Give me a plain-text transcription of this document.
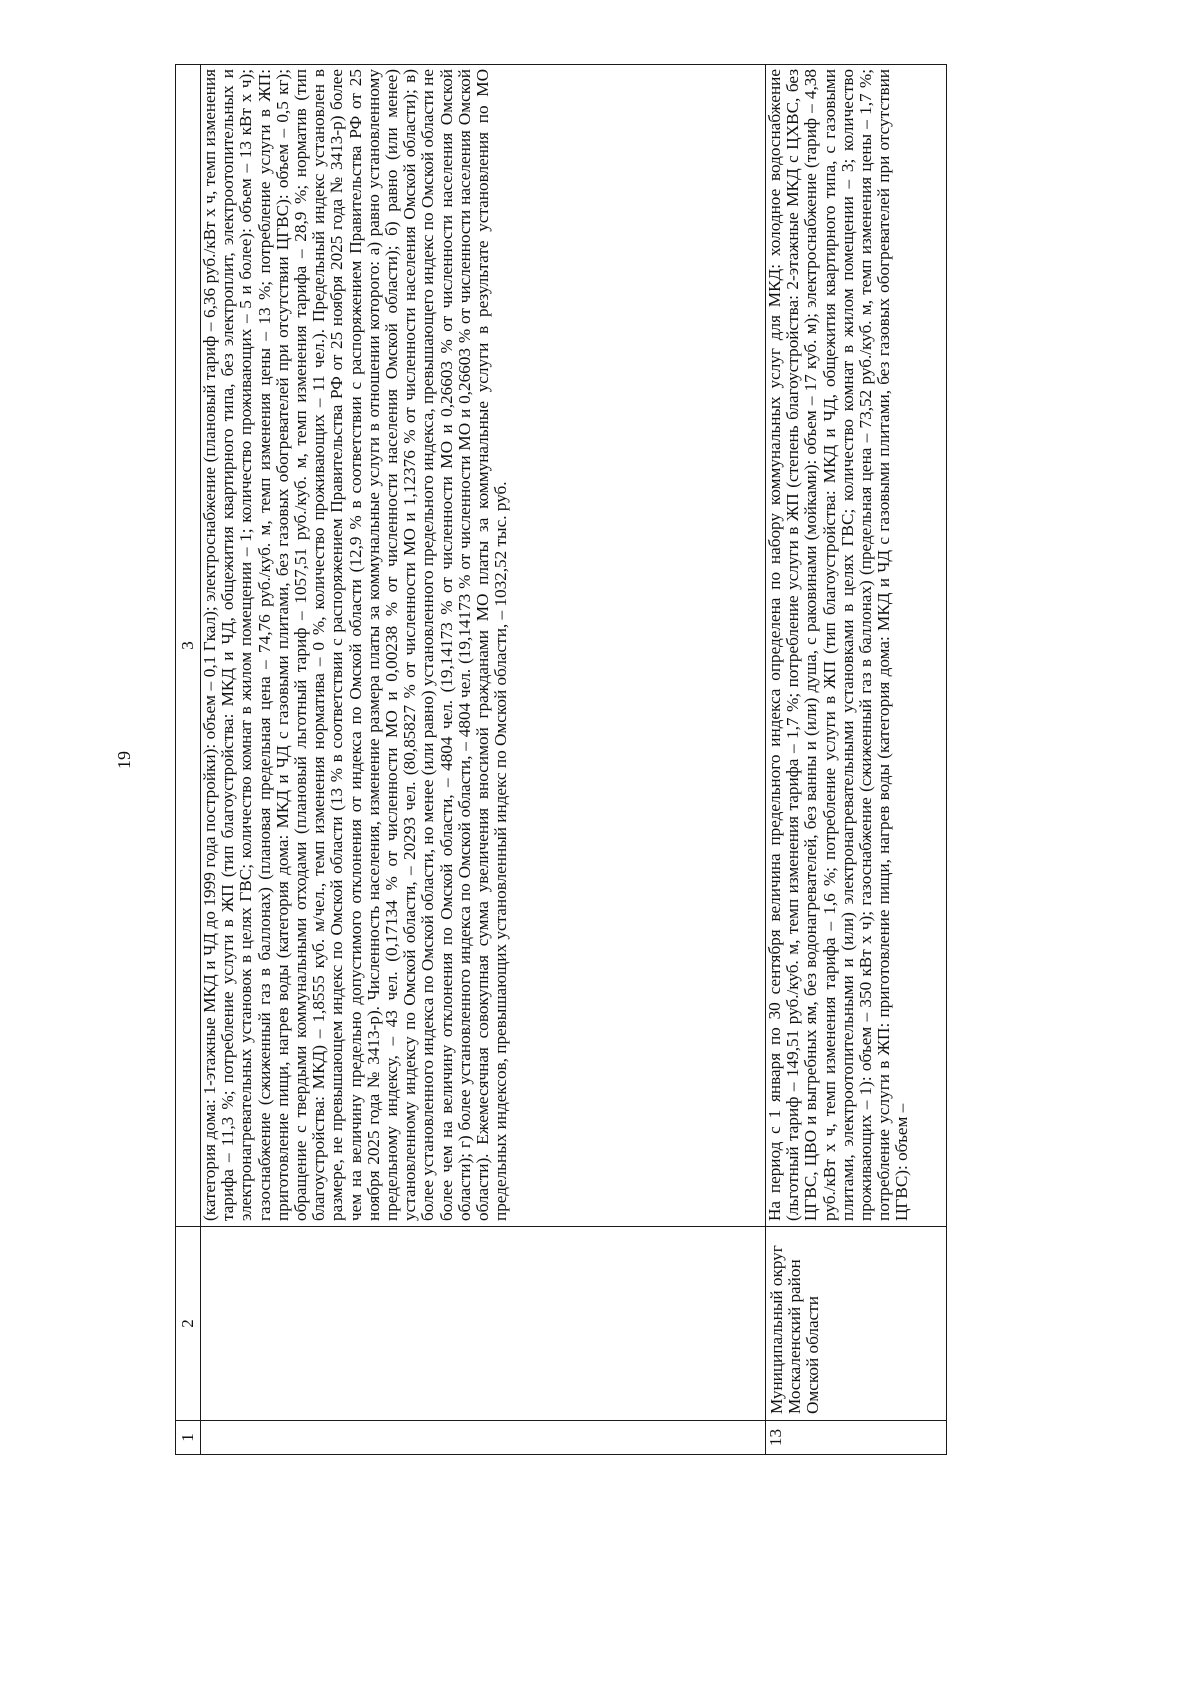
19
1	2	3
		(категория дома: 1-этажные МКД и ЧД до 1999 года постройки): объем – 0,1 Гкал); электроснабжение (плановый тариф – 6,36 руб./кВт х ч, темп изменения тарифа – 11,3 %; потребление услуги в ЖП (тип благоустройства: МКД и ЧД, общежития квартирного типа, без электроплит, электроотопительных и электронагревательных установок в целях ГВС; количество комнат в жилом помещении – 1; количество проживающих – 5 и более): объем – 13 кВт х ч); газоснабжение (сжиженный газ в баллонах) (плановая предельная цена – 74,76 руб./куб. м, темп изменения цены – 13 %; потребление услуги в ЖП: приготовление пищи, нагрев воды (категория дома: МКД и ЧД с газовыми плитами, без газовых обогревателей при отсутствии ЦГВС): объем – 0,5 кг); обращение с твердыми коммунальными отходами (плановый льготный тариф – 1057,51 руб./куб. м, темп изменения тарифа – 28,9 %; норматив (тип благоустройства: МКД) – 1,8555 куб. м/чел., темп изменения норматива – 0 %, количество проживающих – 11 чел.). Предельный индекс установлен в размере, не превышающем индекс по Омской области (13 % в соответствии с распоряжением Правительства РФ от 25 ноября 2025 года № 3413-р) более чем на величину предельно допустимого отклонения от индекса по Омской области (12,9 % в соответствии с распоряжением Правительства РФ от 25 ноября 2025 года № 3413-р). Численность населения, изменение размера платы за коммунальные услуги в отношении которого: а) равно установленному предельному индексу, – 43 чел. (0,17134 % от численности МО и 0,00238 % от численности населения Омской области); б) равно (или менее) установленному индексу по Омской области, – 20293 чел. (80,85827 % от численности МО и 1,12376 % от численности населения Омской области); в) более установленного индекса по Омской области, но менее (или равно) установленного предельного индекса, превышающего индекс по Омской области не более чем на величину отклонения по Омской области, – 4804 чел. (19,14173 % от численности МО и 0,26603 % от численности населения Омской области); г) более установленного индекса по Омской области, – 4804 чел. (19,14173 % от численности МО и 0,26603 % от численности населения Омской области). Ежемесячная совокупная сумма увеличения вносимой гражданами МО платы за коммунальные услуги в результате установления по МО предельных индексов, превышающих установленный индекс по Омской области, – 1032,52 тыс. руб.
13	Муниципальный округ Москаленский район Омской области	На период с 1 января по 30 сентября величина предельного индекса определена по набору коммунальных услуг для МКД: холодное водоснабжение (льготный тариф – 149,51 руб./куб. м, темп изменения тарифа – 1,7 %; потребление услуги в ЖП (степень благоустройства: 2-этажные МКД с ЦХВС, без ЦГВС, ЦВО и выгребных ям, без водонагревателей, без ванны и (или) душа, с раковинами (мойками): объем – 17 куб. м); электроснабжение (тариф – 4,38 руб./кВт х ч, темп изменения тарифа – 1,6 %; потребление услуги в ЖП (тип благоустройства: МКД и ЧД, общежития квартирного типа, с газовыми плитами, электроотопительными и (или) электронагревательными установками в целях ГВС; количество комнат в жилом помещении – 3; количество проживающих – 1): объем – 350 кВт х ч); газоснабжение (сжиженный газ в баллонах) (предельная цена – 73,52 руб./куб. м, темп изменения цены – 1,7 %; потребление услуги в ЖП: приготовление пищи, нагрев воды (категория дома: МКД и ЧД с газовыми плитами, без газовых обогревателей при отсутствии ЦГВС): объем –
